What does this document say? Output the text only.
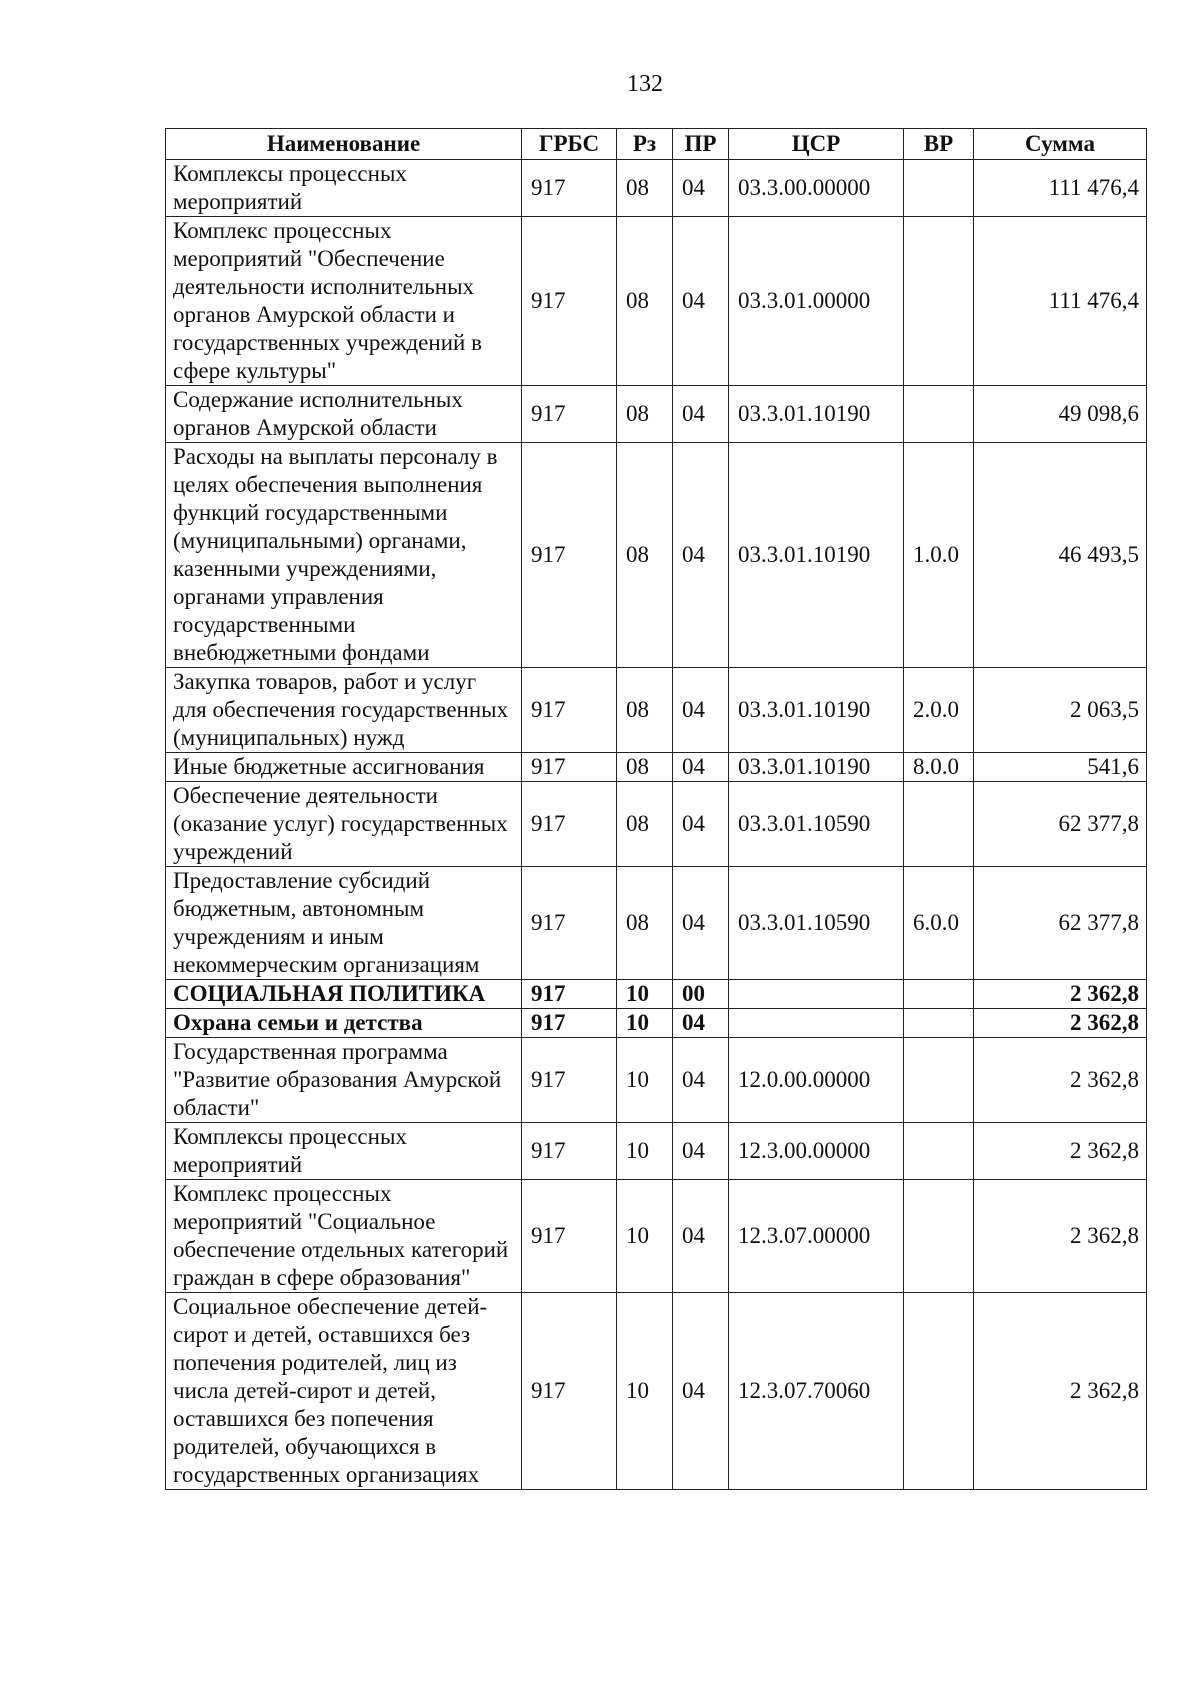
132
Наименование	ГРБС	Рз	ПР	ЦСР	ВР	Сумма
Комплексы процессных мероприятий	917	08	04	03.3.00.00000		111 476,4
Комплекс процессных мероприятий "Обеспечение деятельности исполнительных органов Амурской области и государственных учреждений в сфере культуры"	917	08	04	03.3.01.00000		111 476,4
Содержание исполнительных органов Амурской области	917	08	04	03.3.01.10190		49 098,6
Расходы на выплаты персоналу в целях обеспечения выполнения функций государственными (муниципальными) органами, казенными учреждениями, органами управления государственными внебюджетными фондами	917	08	04	03.3.01.10190	1.0.0	46 493,5
Закупка товаров, работ и услуг для обеспечения государственных (муниципальных) нужд	917	08	04	03.3.01.10190	2.0.0	2 063,5
Иные бюджетные ассигнования	917	08	04	03.3.01.10190	8.0.0	541,6
Обеспечение деятельности (оказание услуг) государственных учреждений	917	08	04	03.3.01.10590		62 377,8
Предоставление субсидий бюджетным, автономным учреждениям и иным некоммерческим организациям	917	08	04	03.3.01.10590	6.0.0	62 377,8
СОЦИАЛЬНАЯ ПОЛИТИКА	917	10	00			2 362,8
Охрана семьи и детства	917	10	04			2 362,8
Государственная программа "Развитие образования Амурской области"	917	10	04	12.0.00.00000		2 362,8
Комплексы процессных мероприятий	917	10	04	12.3.00.00000		2 362,8
Комплекс процессных мероприятий "Социальное обеспечение отдельных категорий граждан в сфере образования"	917	10	04	12.3.07.00000		2 362,8
Социальное обеспечение детей-сирот и детей, оставшихся без попечения родителей, лиц из числа детей-сирот и детей, оставшихся без попечения родителей, обучающихся в государственных организациях	917	10	04	12.3.07.70060		2 362,8
